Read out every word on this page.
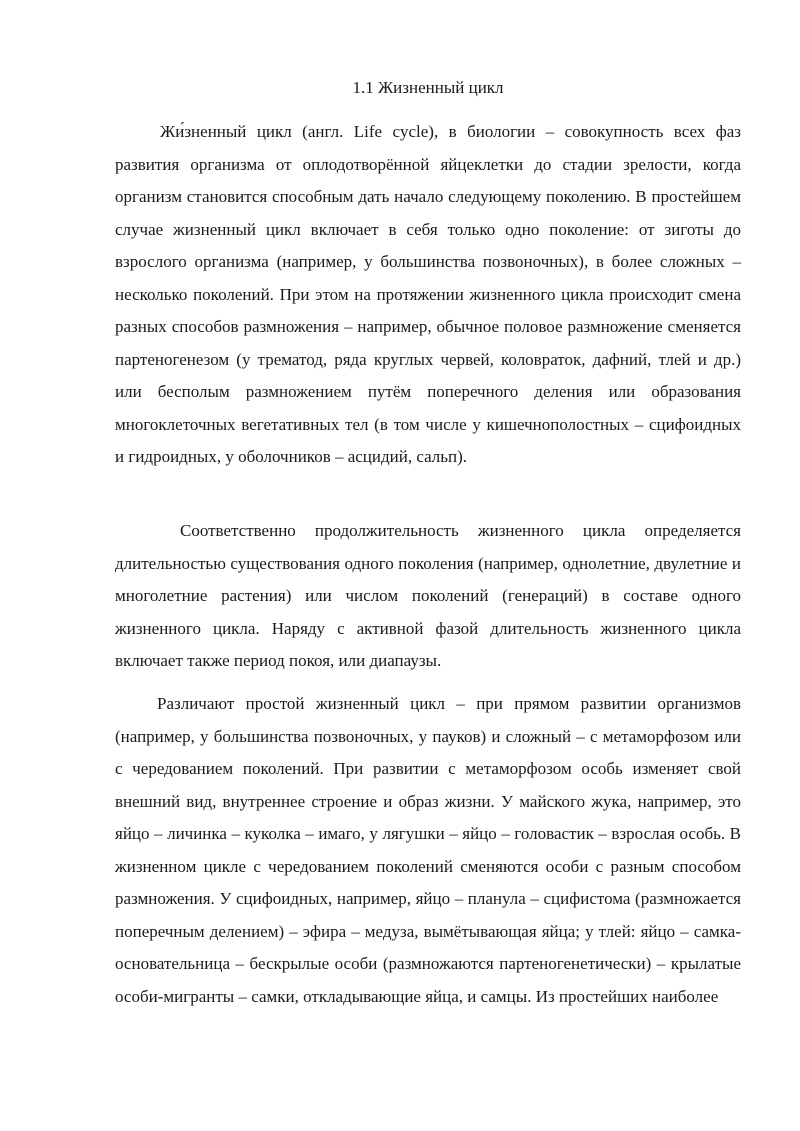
1.1 Жизненный цикл

Жи́зненный цикл (англ. Life cycle), в биологии – совокупность всех фаз развития организма от оплодотворённой яйцеклетки до стадии зрелости, когда организм становится способным дать начало следующему поколению. В простейшем случае жизненный цикл включает в себя только одно поколение: от зиготы до взрослого организма (например, у большинства позвоночных), в более сложных – несколько поколений. При этом на протяжении жизненного цикла происходит смена разных способов размножения – например, обычное половое размножение сменяется партеногенезом (у трематод, ряда круглых червей, коловраток, дафний, тлей и др.) или бесполым размножением путём поперечного деления или образования многоклеточных вегетативных тел (в том числе у кишечнополостных – сцифоидных и гидроидных, у оболочников – асцидий, сальп).

Соответственно продолжительность жизненного цикла определяется длительностью существования одного поколения (например, однолетние, двулетние и многолетние растения) или числом поколений (генераций) в составе одного жизненного цикла. Наряду с активной фазой длительность жизненного цикла включает также период покоя, или диапаузы.

Различают простой жизненный цикл – при прямом развитии организмов (например, у большинства позвоночных, у пауков) и сложный – с метаморфозом или с чередованием поколений. При развитии с метаморфозом особь изменяет свой внешний вид, внутреннее строение и образ жизни. У майского жука, например, это яйцо – личинка – куколка – имаго, у лягушки – яйцо – головастик – взрослая особь. В жизненном цикле с чередованием поколений сменяются особи с разным способом размножения. У сцифоидных, например, яйцо – планула – сцифистома (размножается поперечным делением) – эфира – медуза, вымётывающая яйца; у тлей: яйцо – самка-основательница – бескрылые особи (размножаются партеногенетически) – крылатые особи-мигранты – самки, откладывающие яйца, и самцы. Из простейших наиболее
